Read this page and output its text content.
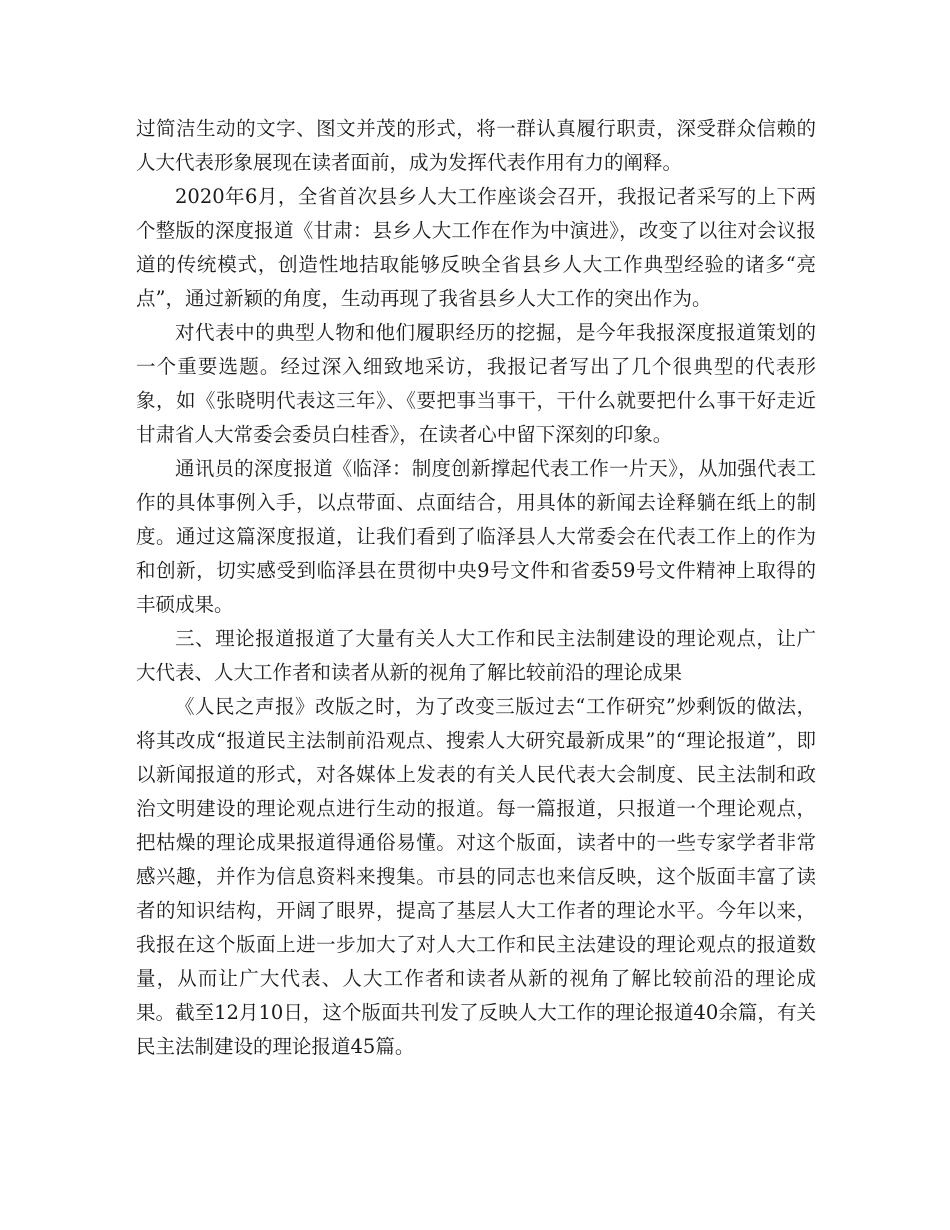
过简洁生动的文字、图文并茂的形式，将一群认真履行职责，深受群众信赖的人大代表形象展现在读者面前，成为发挥代表作用有力的阐释。

2020年6月，全省首次县乡人大工作座谈会召开，我报记者采写的上下两个整版的深度报道《甘肃：县乡人大工作在作为中演进》，改变了以往对会议报道的传统模式，创造性地拮取能够反映全省县乡人大工作典型经验的诸多“亮点”，通过新颖的角度，生动再现了我省县乡人大工作的突出作为。

对代表中的典型人物和他们履职经历的挖掘，是今年我报深度报道策划的一个重要选题。经过深入细致地采访，我报记者写出了几个很典型的代表形象，如《张晓明代表这三年》、《要把事当事干，干什么就要把什么事干好走近甘肃省人大常委会委员白桂香》，在读者心中留下深刻的印象。

通讯员的深度报道《临泽：制度创新撑起代表工作一片天》，从加强代表工作的具体事例入手，以点带面、点面结合，用具体的新闻去诠释躺在纸上的制度。通过这篇深度报道，让我们看到了临泽县人大常委会在代表工作上的作为和创新，切实感受到临泽县在贯彻中央9号文件和省委59号文件精神上取得的丰硕成果。

三、理论报道报道了大量有关人大工作和民主法制建设的理论观点，让广大代表、人大工作者和读者从新的视角了解比较前沿的理论成果

《人民之声报》改版之时，为了改变三版过去“工作研究”炒剩饭的做法，将其改成“报道民主法制前沿观点、搜索人大研究最新成果”的“理论报道”，即以新闻报道的形式，对各媒体上发表的有关人民代表大会制度、民主法制和政治文明建设的理论观点进行生动的报道。每一篇报道，只报道一个理论观点，把枯燥的理论成果报道得通俗易懂。对这个版面，读者中的一些专家学者非常感兴趣，并作为信息资料来搜集。市县的同志也来信反映，这个版面丰富了读者的知识结构，开阔了眼界，提高了基层人大工作者的理论水平。今年以来，我报在这个版面上进一步加大了对人大工作和民主法建设的理论观点的报道数量，从而让广大代表、人大工作者和读者从新的视角了解比较前沿的理论成果。截至12月10日，这个版面共刊发了反映人大工作的理论报道40余篇，有关民主法制建设的理论报道45篇。
